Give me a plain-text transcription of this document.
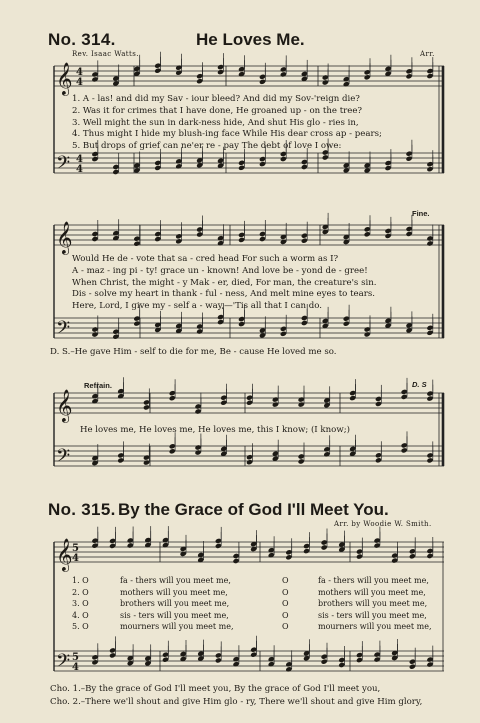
No. 314.	He Loves Me.
Rev. Isaac Watts.	Arr.
𝄞
𝄢
𝄞
𝄢
𝄞
𝄢
𝄞
𝄢
4
4
4
4
5
4
5
4
1. A - las! and did my Sav - iour bleed? And did my Sov-'reign die?
2. Was it for crimes that I have done, He groaned up - on the tree?
3. Well might the sun in dark-ness hide, And shut His glo - ries in,
4. Thus might I hide my blush-ing face While His dear cross ap - pears;
5. But drops of grief can ne'er re - pay The debt of love I owe:
Fine.
Would He de - vote that sa - cred head For such a worm as I?
A - maz - ing pi - ty! grace un - known! And love be - yond de - gree!
When Christ, the might - y Mak - er, died, For man, the creature's sin.
Dis - solve my heart in thank - ful - ness, And melt mine eyes to tears.
Here, Lord, I give my - self a - way,—'Tis all that I can do.
D. S.–He gave Him - self to die for me, Be - cause He loved me so.
Refrain.	D. S
He loves me, He loves me, He loves me, this I know; (I know;)
No. 315. By the Grace of God I'll Meet You.
Arr. by Woodie W. Smith.
1. O	fa - thers will you meet me,	O	fa - thers will you meet me,
2. O	mothers will you meet me,	O	mothers will you meet me,
3. O	brothers will you meet me,	O	brothers will you meet me,
4. O	sis - ters will you meet me,	O	sis - ters will you meet me,
5. O	mourners will you meet me,	O	mourners will you meet me,
Cho. 1.–By the grace of God I'll meet you, By the grace of God I'll meet you,
Cho. 2.–There we'll shout and give Him glo - ry, There we'll shout and give Him glory,
